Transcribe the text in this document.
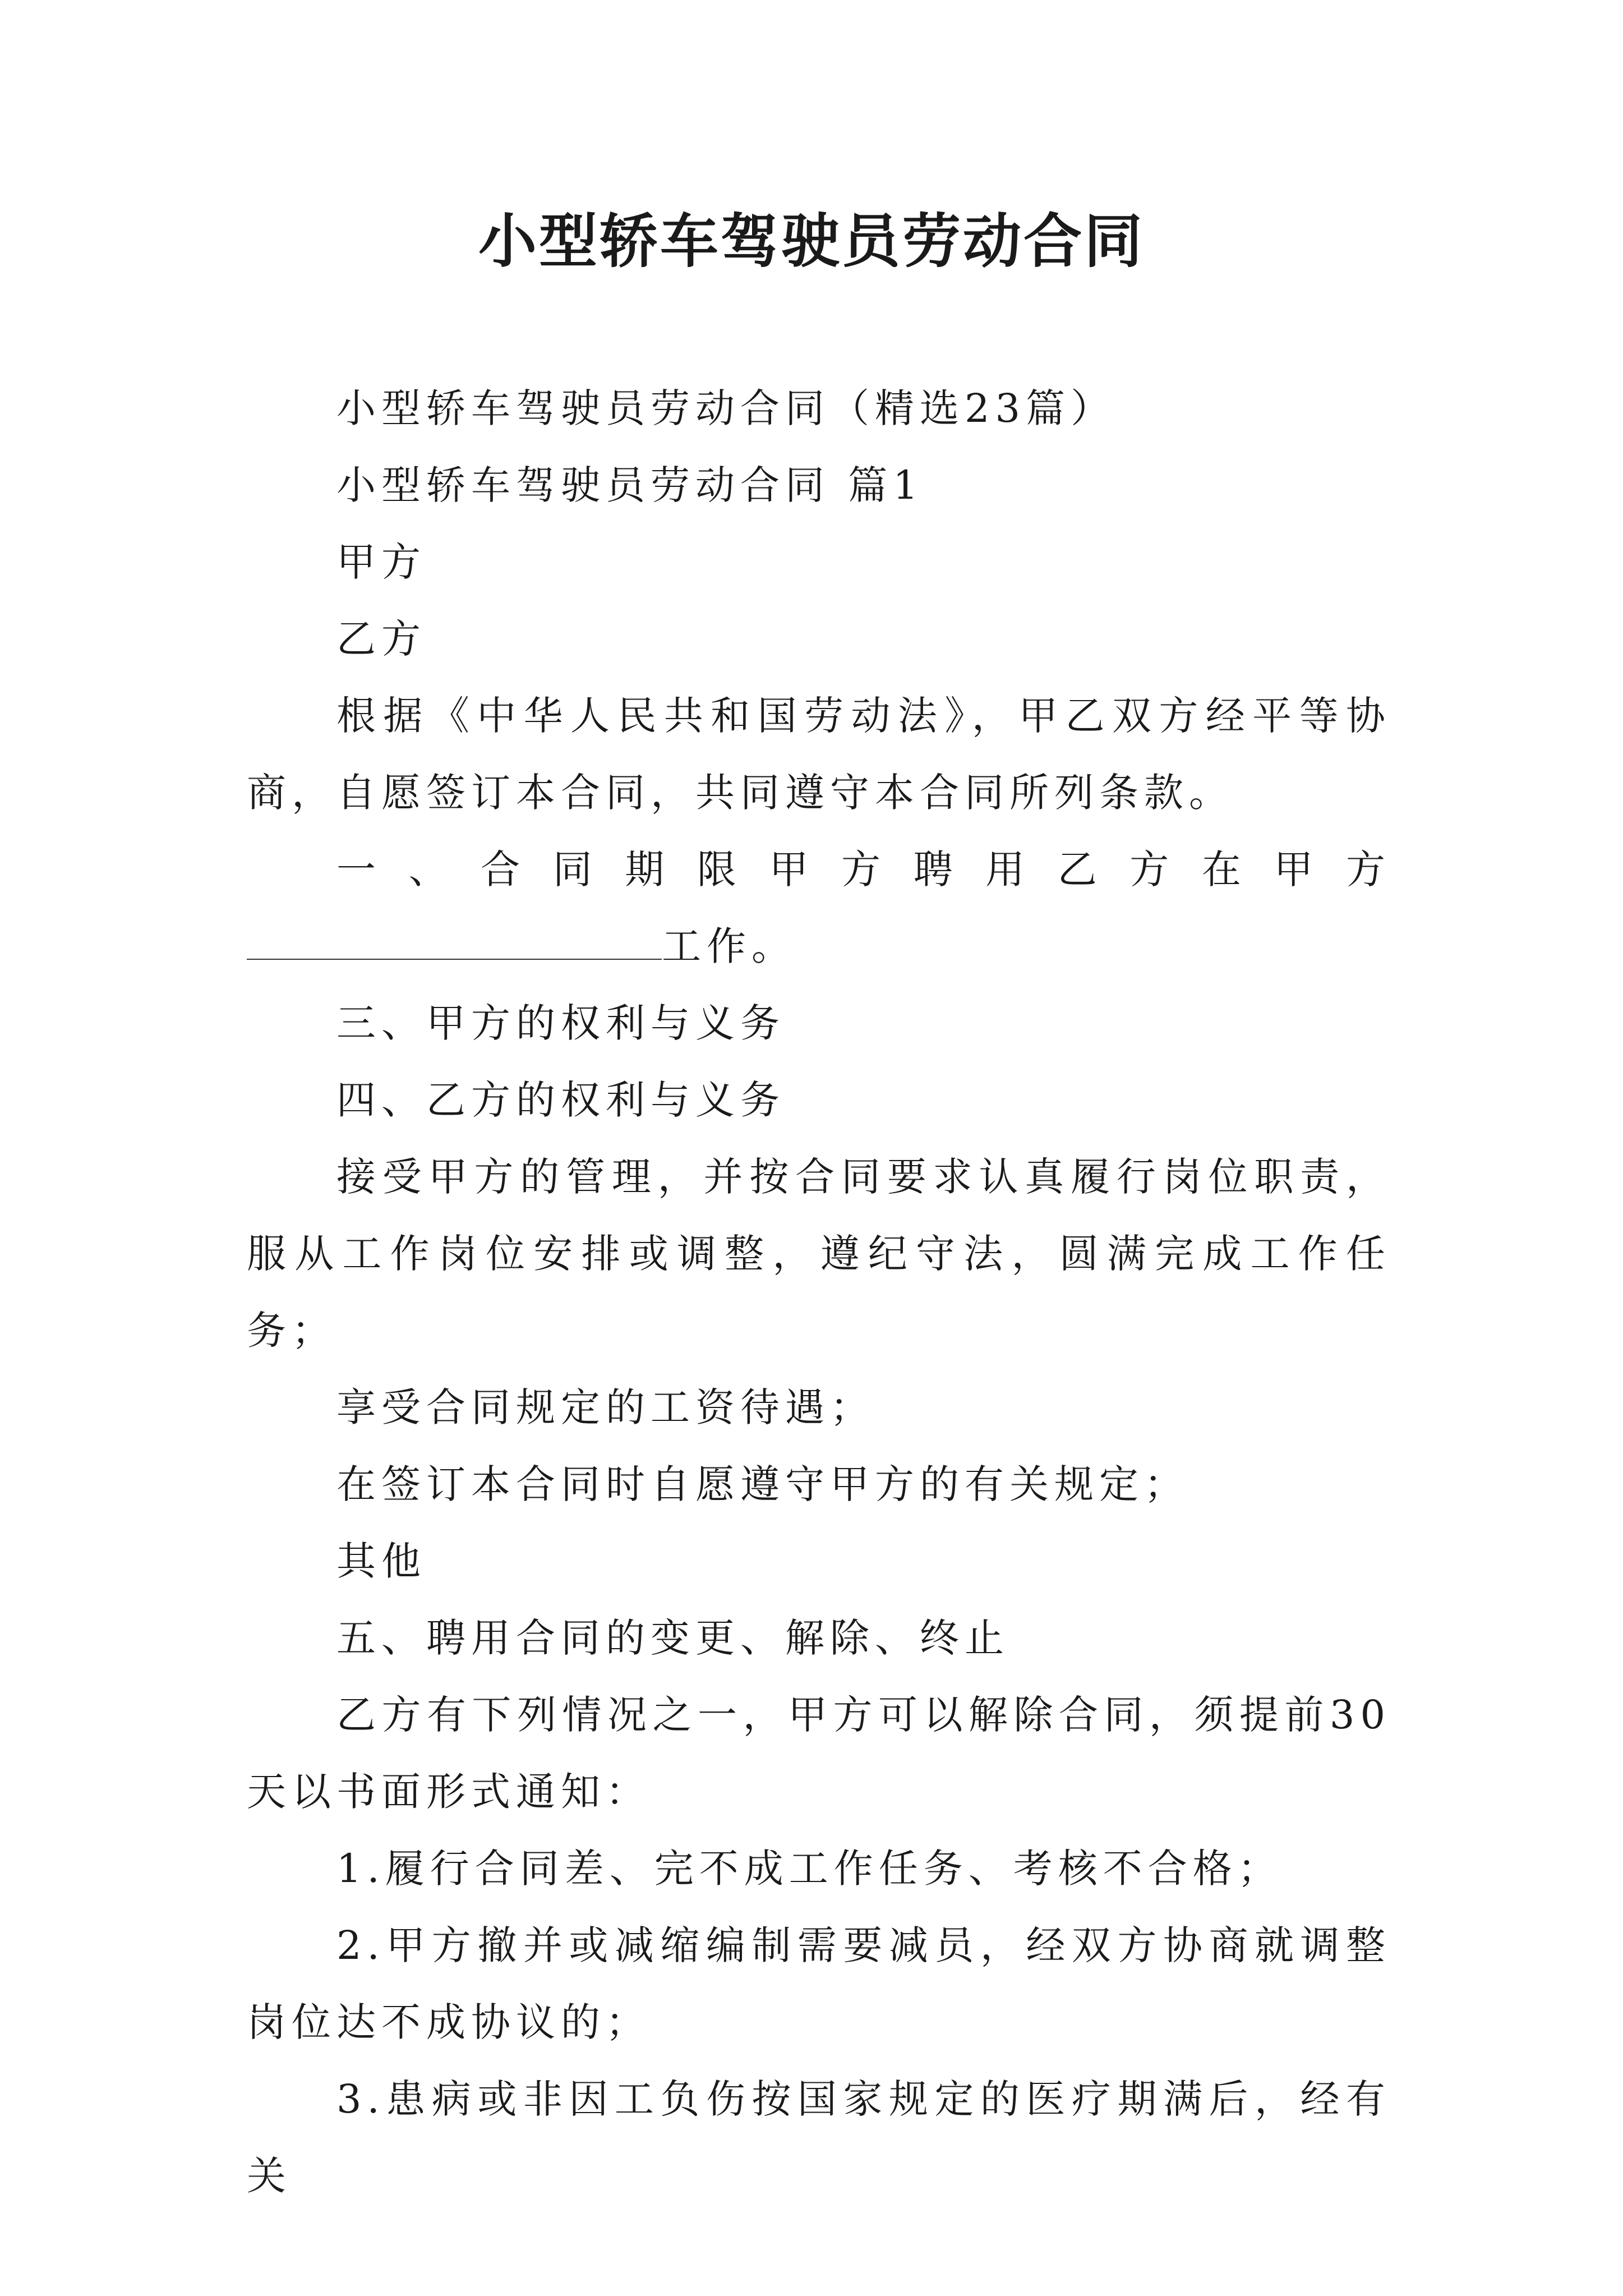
小型轿车驾驶员劳动合同

小型轿车驾驶员劳动合同（精选23篇）

小型轿车驾驶员劳动合同 篇1

甲方

乙方

根据《中华人民共和国劳动法》，甲乙双方经平等协商，自愿签订本合同，共同遵守本合同所列条款。

一、合同期限甲方聘用乙方在甲方工作。

三、甲方的权利与义务

四、乙方的权利与义务

接受甲方的管理，并按合同要求认真履行岗位职责，服从工作岗位安排或调整，遵纪守法，圆满完成工作任务；

享受合同规定的工资待遇；

在签订本合同时自愿遵守甲方的有关规定；

其他

五、聘用合同的变更、解除、终止

乙方有下列情况之一，甲方可以解除合同，须提前30天以书面形式通知：

1.履行合同差、完不成工作任务、考核不合格；

2.甲方撤并或减缩编制需要减员，经双方协商就调整岗位达不成协议的；

3.患病或非因工负伤按国家规定的医疗期满后，经有关
